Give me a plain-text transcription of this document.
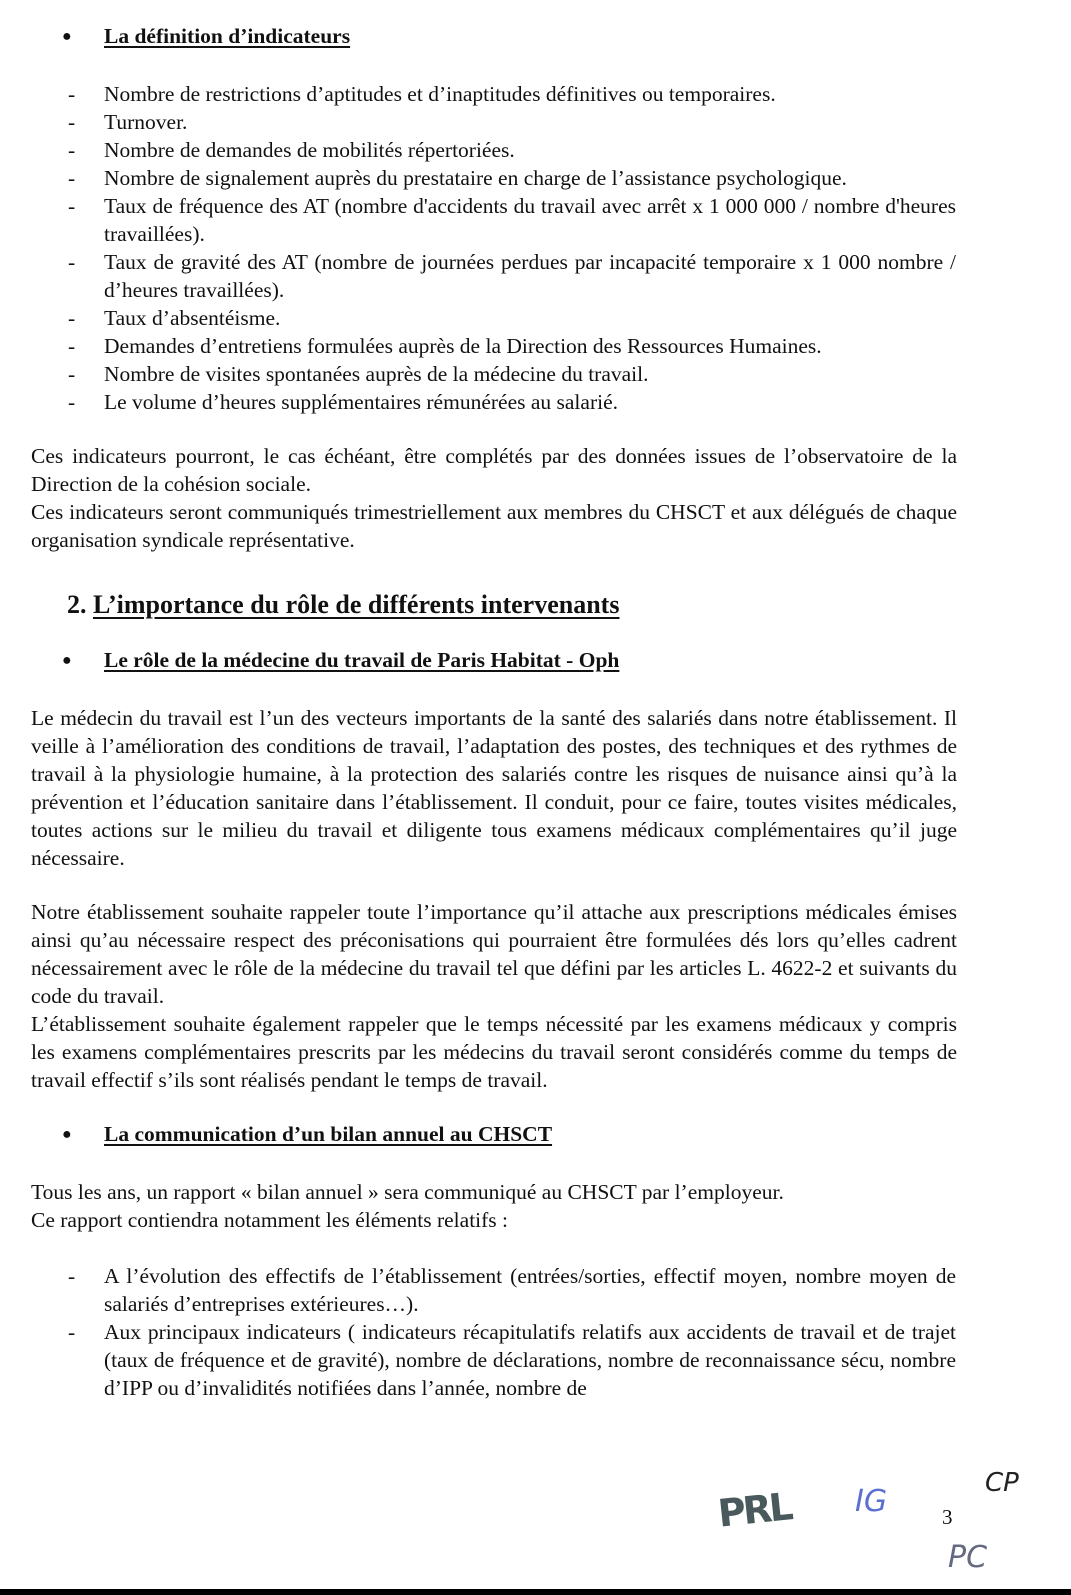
● La définition d’indicateurs
- Nombre de restrictions d’aptitudes et d’inaptitudes définitives ou temporaires.
- Turnover.
- Nombre de demandes de mobilités répertoriées.
- Nombre de signalement auprès du prestataire en charge de l’assistance psychologique.
- Taux de fréquence des AT (nombre d'accidents du travail avec arrêt x 1 000 000 / nombre d'heures travaillées).
- Taux de gravité des AT (nombre de journées perdues par incapacité temporaire x 1 000 nombre / d’heures travaillées).
- Taux d’absentéisme.
- Demandes d’entretiens formulées auprès de la Direction des Ressources Humaines.
- Nombre de visites spontanées auprès de la médecine du travail.
- Le volume d’heures supplémentaires rémunérées au salarié.

Ces indicateurs pourront, le cas échéant, être complétés par des données issues de l’observatoire de la Direction de la cohésion sociale.

Ces indicateurs seront communiqués trimestriellement aux membres du CHSCT et aux délégués de chaque organisation syndicale représentative.

2. L’importance du rôle de différents intervenants
● Le rôle de la médecine du travail de Paris Habitat - Oph

Le médecin du travail est l’un des vecteurs importants de la santé des salariés dans notre établissement. Il veille à l’amélioration des conditions de travail, l’adaptation des postes, des techniques et des rythmes de travail à la physiologie humaine, à la protection des salariés contre les risques de nuisance ainsi qu’à la prévention et l’éducation sanitaire dans l’établissement. Il conduit, pour ce faire, toutes visites médicales, toutes actions sur le milieu du travail et diligente tous examens médicaux complémentaires qu’il juge nécessaire.

Notre établissement souhaite rappeler toute l’importance qu’il attache aux prescriptions médicales émises ainsi qu’au nécessaire respect des préconisations qui pourraient être formulées dés lors qu’elles cadrent nécessairement avec le rôle de la médecine du travail tel que défini par les articles L. 4622-2 et suivants du code du travail.

L’établissement souhaite également rappeler que le temps nécessité par les examens médicaux y compris les examens complémentaires prescrits par les médecins du travail seront considérés comme du temps de travail effectif s’ils sont réalisés pendant le temps de travail.

● La communication d’un bilan annuel au CHSCT

Tous les ans, un rapport « bilan annuel » sera communiqué au CHSCT par l’employeur.

Ce rapport contiendra notamment les éléments relatifs :

- A l’évolution des effectifs de l’établissement (entrées/sorties, effectif moyen, nombre moyen de salariés d’entreprises extérieures…).
- Aux principaux indicateurs ( indicateurs récapitulatifs relatifs aux accidents de travail et de trajet (taux de fréquence et de gravité), nombre de déclarations, nombre de reconnaissance sécu, nombre d’IPP ou d’invalidités notifiées dans l’année, nombre de
PRL IG	3
CP
PC
